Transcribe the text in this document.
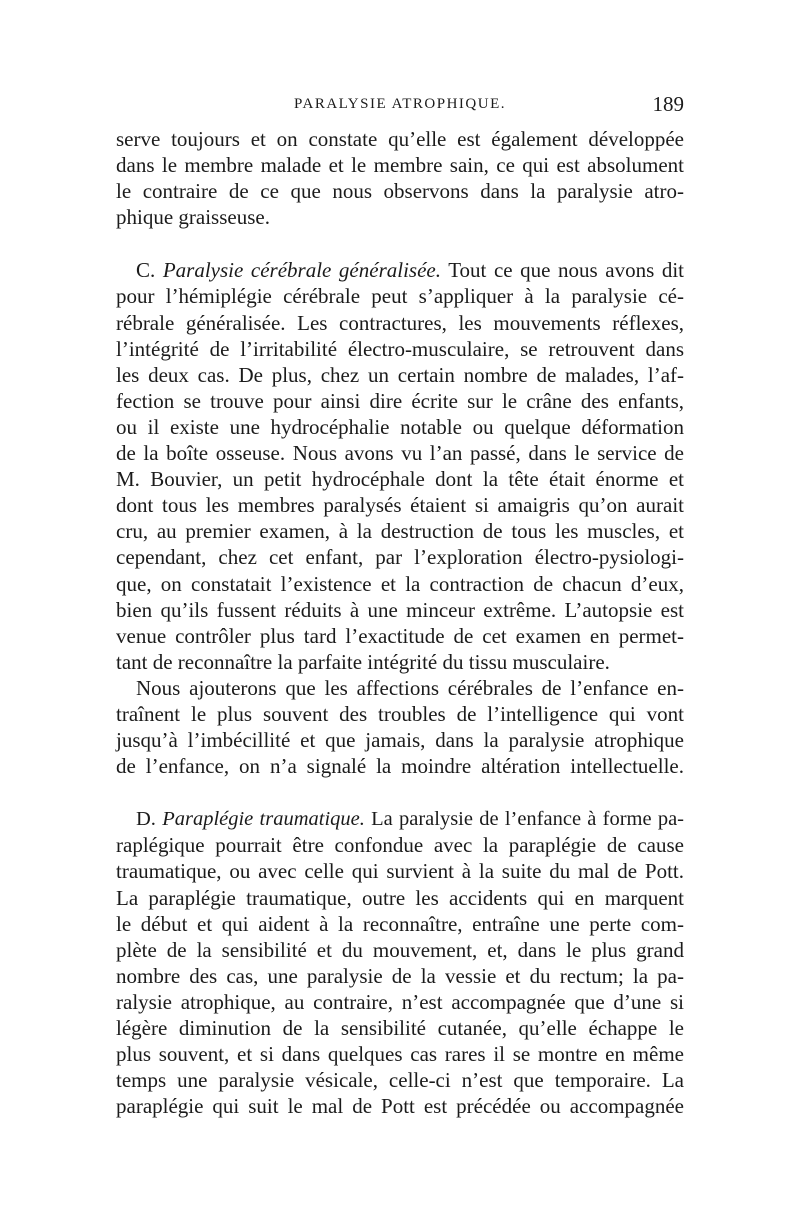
PARALYSIE ATROPHIQUE.	189
serve toujours et on constate qu’elle est également développée
dans le membre malade et le membre sain, ce qui est absolument
le contraire de ce que nous observons dans la paralysie atro-
phique graisseuse.
C. Paralysie cérébrale généralisée. Tout ce que nous avons dit
pour l’hémiplégie cérébrale peut s’appliquer à la paralysie cé-
rébrale généralisée. Les contractures, les mouvements réflexes,
l’intégrité de l’irritabilité électro-musculaire, se retrouvent dans
les deux cas. De plus, chez un certain nombre de malades, l’af-
fection se trouve pour ainsi dire écrite sur le crâne des enfants,
ou il existe une hydrocéphalie notable ou quelque déformation
de la boîte osseuse. Nous avons vu l’an passé, dans le service de
M. Bouvier, un petit hydrocéphale dont la tête était énorme et
dont tous les membres paralysés étaient si amaigris qu’on aurait
cru, au premier examen, à la destruction de tous les muscles, et
cependant, chez cet enfant, par l’exploration électro-pysiologi-
que, on constatait l’existence et la contraction de chacun d’eux,
bien qu’ils fussent réduits à une minceur extrême. L’autopsie est
venue contrôler plus tard l’exactitude de cet examen en permet-
tant de reconnaître la parfaite intégrité du tissu musculaire.
Nous ajouterons que les affections cérébrales de l’enfance en-
traînent le plus souvent des troubles de l’intelligence qui vont
jusqu’à l’imbécillité et que jamais, dans la paralysie atrophique
de l’enfance, on n’a signalé la moindre altération intellectuelle.
D. Paraplégie traumatique. La paralysie de l’enfance à forme pa-
raplégique pourrait être confondue avec la paraplégie de cause
traumatique, ou avec celle qui survient à la suite du mal de Pott.
La paraplégie traumatique, outre les accidents qui en marquent
le début et qui aident à la reconnaître, entraîne une perte com-
plète de la sensibilité et du mouvement, et, dans le plus grand
nombre des cas, une paralysie de la vessie et du rectum; la pa-
ralysie atrophique, au contraire, n’est accompagnée que d’une si
légère diminution de la sensibilité cutanée, qu’elle échappe le
plus souvent, et si dans quelques cas rares il se montre en même
temps une paralysie vésicale, celle-ci n’est que temporaire. La
paraplégie qui suit le mal de Pott est précédée ou accompagnée
